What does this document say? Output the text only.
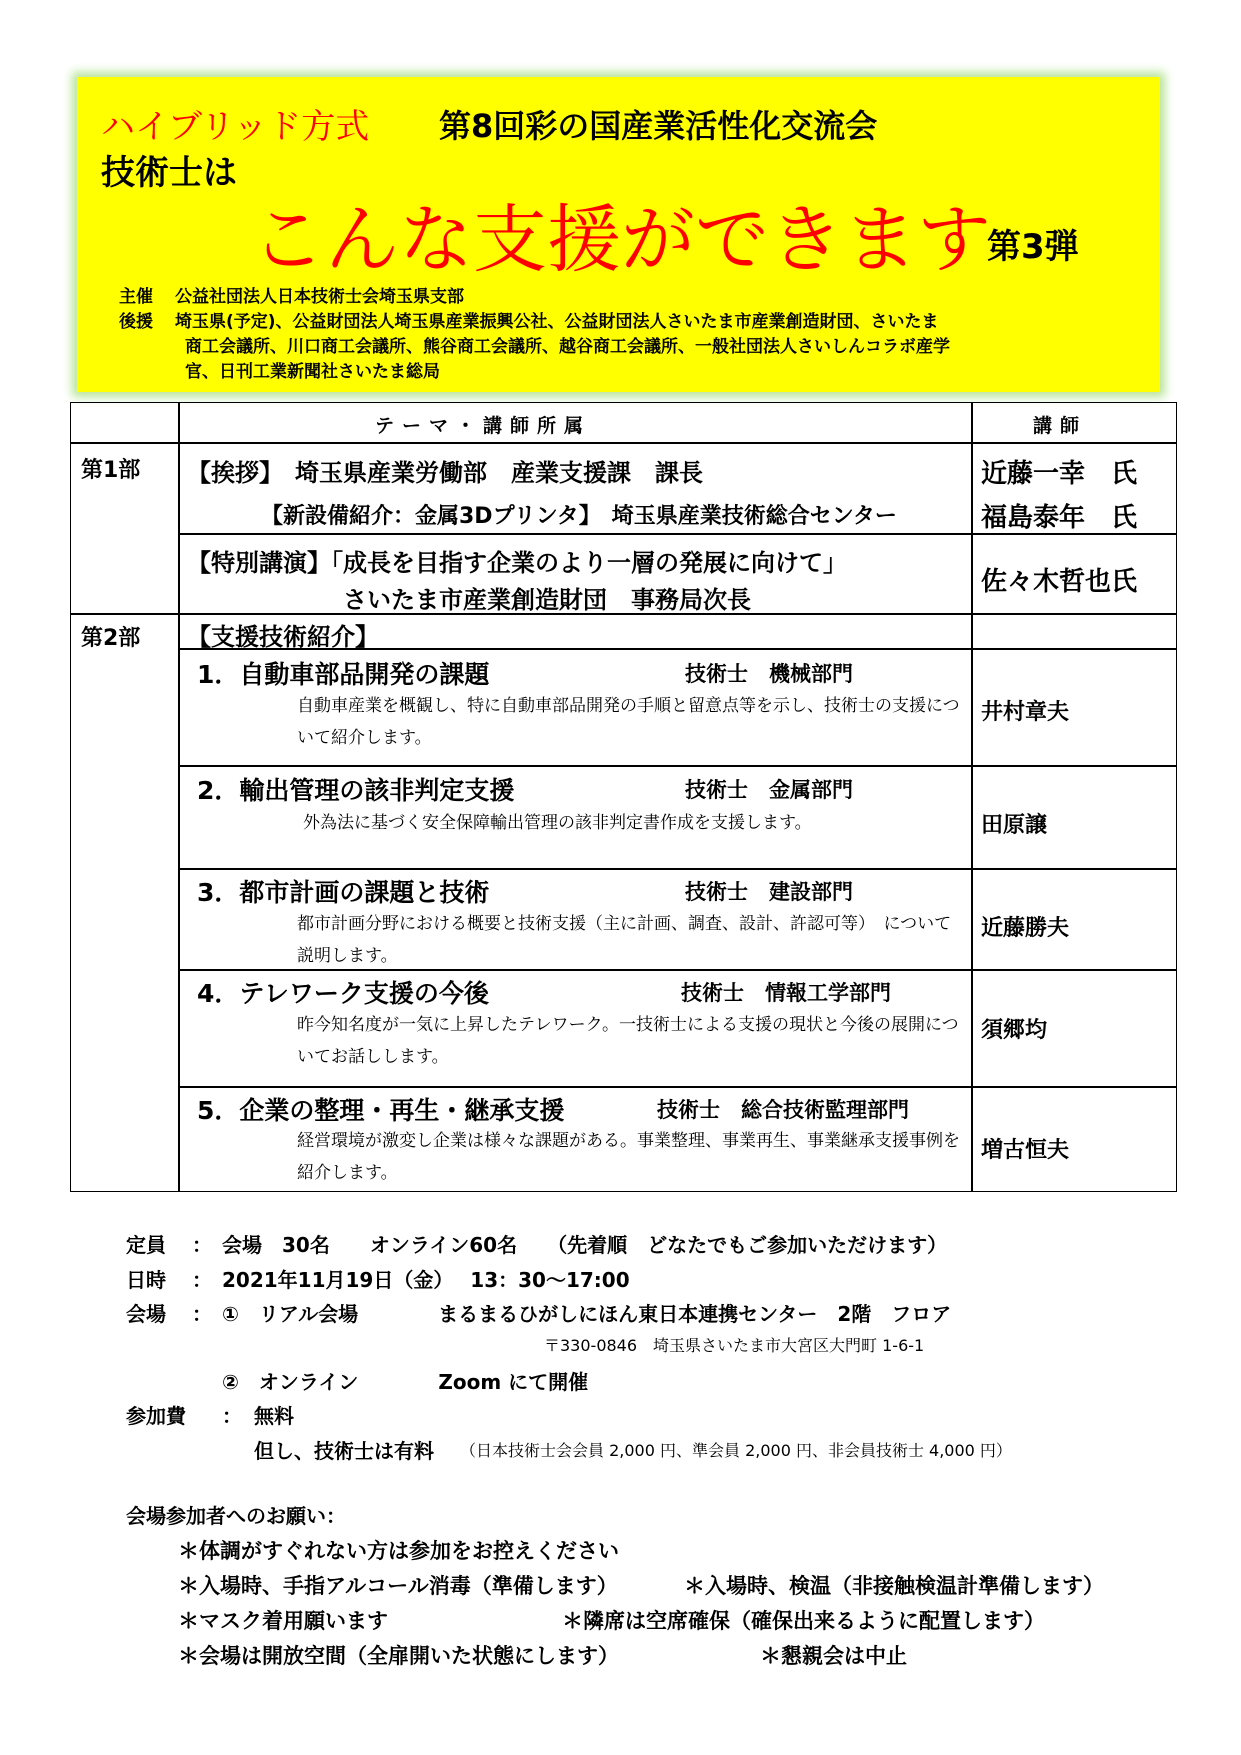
ハイブリッド方式 第8回彩の国産業活性化交流会
技術士は
こんな支援ができます
第3弾
主催 公益社団法人日本技術士会埼玉県支部
後援 埼玉県(予定)、公益財団法人埼玉県産業振興公社、公益財団法人さいたま市産業創造財団、さいたま
商工会議所、川口商工会議所、熊谷商工会議所、越谷商工会議所、一般社団法人さいしんコラボ産学
官、日刊工業新聞社さいたま総局
テーマ・講師所属	講師
第1部 【挨拶】　埼玉県産業労働部　産業支援課　課長	近藤一幸　氏
【新設備紹介：金属3Dプリンタ】　埼玉県産業技術総合センター	福島泰年　氏
【特別講演】「成長を目指す企業のより一層の発展に向けて」
さいたま市産業創造財団　事務局次長
佐々木哲也氏
第2部 【支援技術紹介】
1．自動車部品開発の課題	技術士　機械部門
自動車産業を概観し、特に自動車部品開発の手順と留意点等を示し、技術士の支援について紹介します。
井村章夫
2．輸出管理の該非判定支援	技術士　金属部門
外為法に基づく安全保障輸出管理の該非判定書作成を支援します。	田原譲
3．都市計画の課題と技術	技術士　建設部門
都市計画分野における概要と技術支援（主に計画、調査、設計、許認可等）　について説明します。
近藤勝夫
4．テレワーク支援の今後	技術士　情報工学部門
昨今知名度が一気に上昇したテレワーク。一技術士による支援の現状と今後の展開についてお話しします。
須郷均
5．企業の整理・再生・継承支援	技術士　総合技術監理部門
経営環境が激変し企業は様々な課題がある。事業整理、事業再生、事業継承支援事例を紹介します。
増古恒夫
定員 ： 会場　30名　　オンライン60名　　（先着順　どなたでもご参加いただけます）
日時 ： 2021年11月19日（金）　 13：30～17:00
会場 ： ①　リアル会場　　　　まるまるひがしにほん東日本連携センター　2階　フロア
〒330-0846　埼玉県さいたま市大宮区大門町 1-6-1
②　オンライン　　　　Zoom にて開催
参加費 ： 無料
但し、技術士は有料 （日本技術士会会員 2,000 円、準会員 2,000 円、非会員技術士 4,000 円）
会場参加者へのお願い：
＊体調がすぐれない方は参加をお控えください
＊入場時、手指アルコール消毒（準備します）	＊入場時、検温（非接触検温計準備します）
＊マスク着用願います	＊隣席は空席確保（確保出来るように配置します）
＊会場は開放空間（全扉開いた状態にします）	＊懇親会は中止
